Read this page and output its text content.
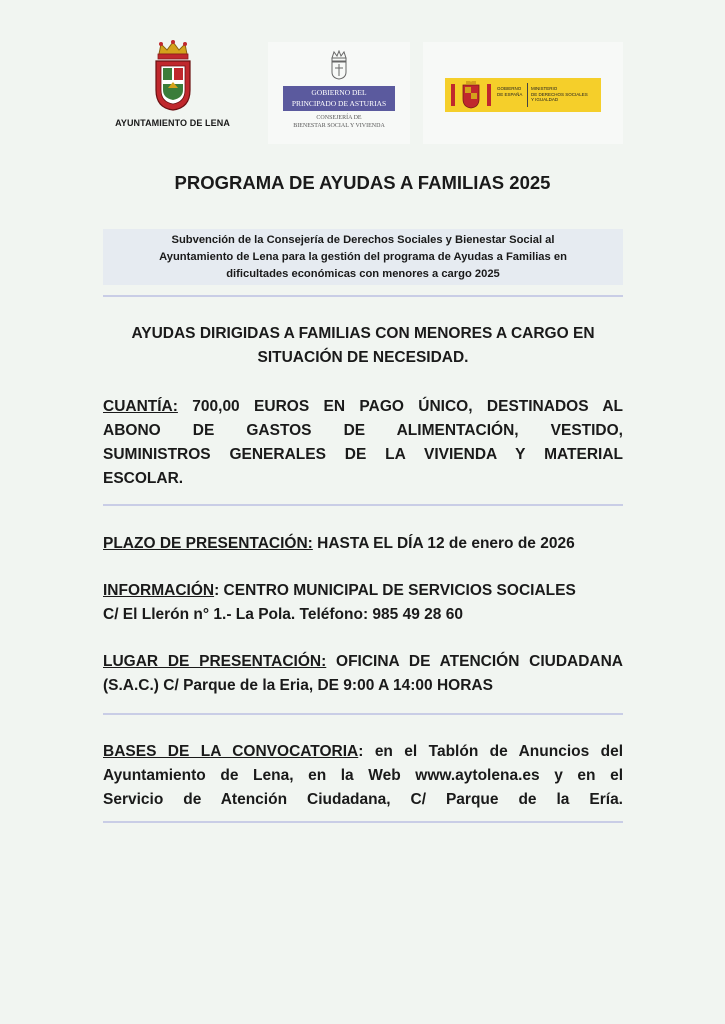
AYUNTAMIENTO DE LENA
GOBIERNO DEL
PRINCIPADO DE ASTURIAS
CONSEJERÍA DE
BIENESTAR SOCIAL Y VIVIENDA
GOBIERNO
DE ESPAÑA
MINISTERIO
DE DERECHOS SOCIALES
Y IGUALDAD
PROGRAMA DE AYUDAS A FAMILIAS 2025
Subvención de la Consejería de Derechos Sociales y Bienestar Social al
Ayuntamiento de Lena para la gestión del programa de Ayudas a Familias en
dificultades económicas con menores a cargo 2025
AYUDAS DIRIGIDAS A FAMILIAS CON MENORES A CARGO EN
SITUACIÓN DE NECESIDAD.
CUANTÍA: 700,00 EUROS EN PAGO ÚNICO, DESTINADOS AL
ABONO DE GASTOS DE ALIMENTACIÓN, VESTIDO,
SUMINISTROS GENERALES DE LA VIVIENDA Y MATERIAL
ESCOLAR.
PLAZO DE PRESENTACIÓN: HASTA EL DÍA 12 de enero de 2026
INFORMACIÓN: CENTRO MUNICIPAL DE SERVICIOS SOCIALES
C/ El Llerón n° 1.- La Pola. Teléfono: 985 49 28 60
LUGAR DE PRESENTACIÓN: OFICINA DE ATENCIÓN CIUDADANA
(S.A.C.) C/ Parque de la Eria, DE 9:00 A 14:00 HORAS
BASES DE LA CONVOCATORIA: en el Tablón de Anuncios del
Ayuntamiento de Lena, en la Web www.aytolena.es y en el
Servicio de Atención Ciudadana, C/ Parque de la Ería.
